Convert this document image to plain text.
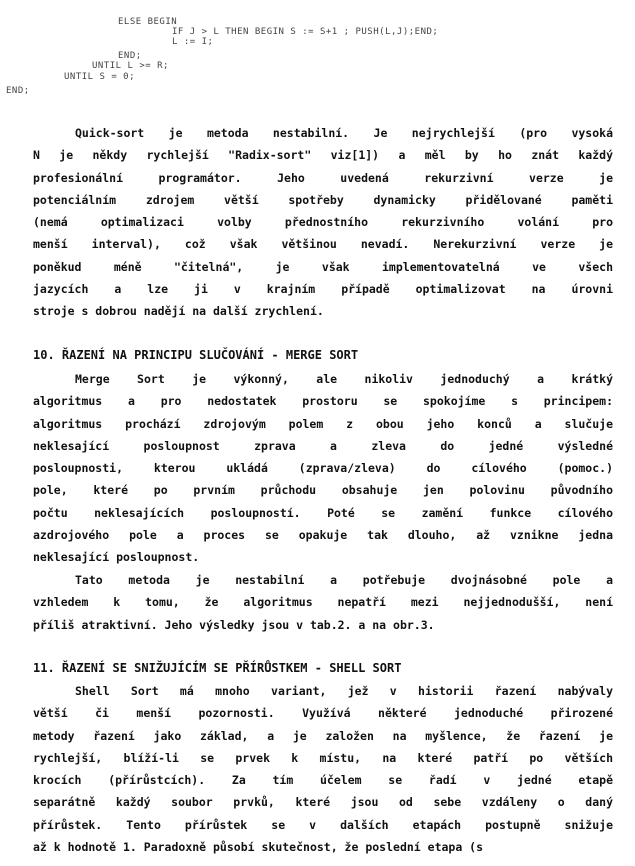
ELSE BEGIN
IF J > L THEN BEGIN S := S+1 ; PUSH(L,J);END;
L := I;
END;
UNTIL L >= R;
UNTIL S = 0;
END;
Quick-sort je metoda nestabilní. Je nejrychlejší (pro vysoká
N je někdy rychlejší "Radix-sort" viz[1]) a měl by ho znát každý
profesionální programátor. Jeho uvedená rekurzivní verze je
potenciálním zdrojem větší spotřeby dynamicky přidělované paměti
(nemá optimalizaci volby přednostního rekurzivního volání pro
menší interval), což však většinou nevadí. Nerekurzivní verze je
poněkud méně "čitelná", je však implementovatelná ve všech
jazycích a lze ji v krajním případě optimalizovat na úrovni
stroje s dobrou nadějí na další zrychlení.
10. ŘAZENÍ NA PRINCIPU SLUČOVÁNÍ - MERGE SORT
Merge Sort je výkonný, ale nikoliv jednoduchý a krátký
algoritmus a pro nedostatek prostoru se spokojíme s principem:
algoritmus prochází zdrojovým polem z obou jeho konců a slučuje
neklesající posloupnost zprava a zleva do jedné výsledné
posloupnosti, kterou ukládá (zprava/zleva) do cílového (pomoc.)
pole, které po prvním průchodu obsahuje jen polovinu původního
počtu neklesajících posloupností. Poté se zamění funkce cílového
azdrojového pole a proces se opakuje tak dlouho, až vznikne jedna
neklesající posloupnost.
Tato metoda je nestabilní a potřebuje dvojnásobné pole a
vzhledem k tomu, že algoritmus nepatří mezi nejjednodušší, není
příliš atraktivní. Jeho výsledky jsou v tab.2. a na obr.3.
11. ŘAZENÍ SE SNIŽUJÍCÍM SE PŘÍRŮSTKEM - SHELL SORT
Shell Sort má mnoho variant, jež v historii řazení nabývaly
větší či menší pozornosti. Využívá některé jednoduché přirozené
metody řazení jako základ, a je založen na myšlence, že řazení je
rychlejší, blíží-li se prvek k místu, na které patří po větších
krocích (přírůstcích). Za tím účelem se řadí v jedné etapě
separátně každý soubor prvků, které jsou od sebe vzdáleny o daný
přírůstek. Tento přírůstek se v dalších etapách postupně snižuje
až k hodnotě 1. Paradoxně působí skutečnost, že poslední etapa (s
